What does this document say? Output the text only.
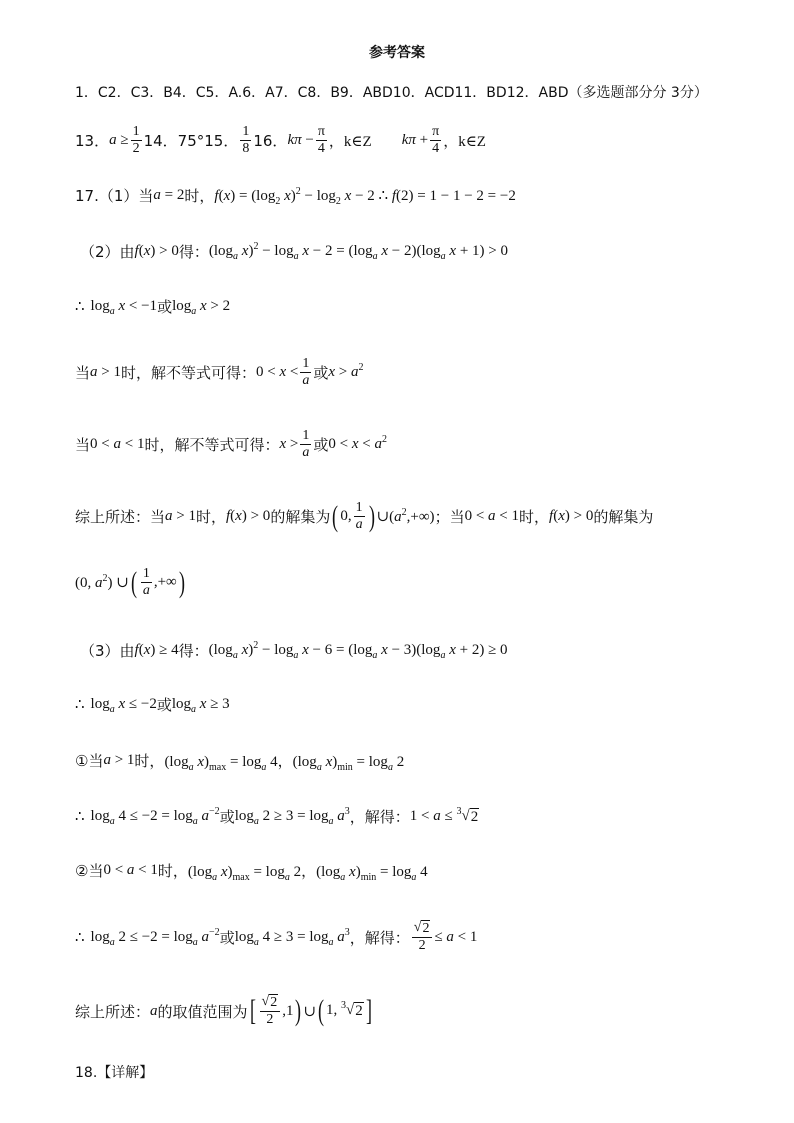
参考答案
1．C2．C3．B4．C5．A.6．A7．C8．B9．ABD10．ACD11．BD12．ABD（多选题部分分 3分）
13． $a \ge \frac{1}{2} 14$．75°15． $\frac{1}{8} 16$． $k\pi - \frac{\pi}{4}$ ，k∈Z $k\pi + \frac{\pi}{4}$ ，k∈Z
17.（1）当 a = 2 时， $f(x) = (\log_2$ $x)^2 - \log_2 x - 2$ ∴ f(2) = 1 − 1 − 2 = −2
（2）由 f(x) > 0 得： ($\log_a$ $x)^2 - \log_a x - 2 = (\log_a$ $x - 2)(\log_a$ x + 1) > 0
∴ $\log_a x < -1$ 或 $\log_a x > 2$
当 a > 1 时，解不等式可得： $0 < x < \frac{1}{a}$ 或 $x > a^2$
当 0 < a < 1 时，解不等式可得： $x > \frac{1}{a}$ 或 $0 < x < a^2$
综上所述：当 a > 1 时， f(x) > 0 的解集为 ( 0, $\frac{1}{a}$ ) $\cup(a^2,+\infty)$ ；当 0 < a < 1 时， f(x) > 0 的解集为
(0, $a^2$) ∪ ( $\frac{1}{a}$ ,+∞ )
（3）由 f(x) ≥ 4 得： ($\log_a$ $x)^2 - \log_a x - 6 = (\log_a$ $x - 3)(\log_a$ x + 2) ≥ 0
∴ $\log_a x \le -2$ 或 $\log_a x \ge 3$
①当 a > 1 时， ($\log_a$ $x)_{max} = \log_a 4$，($\log_a$ $x)_{min} = \log_a 2$
∴ $\log_a 4 \le -2 = \log_a a^{-2}$ 或 $\log_a 2 \ge 3 = \log_a a^3$ ，解得： 1 < a ≤ $^3$ √ 2
②当 0 < a < 1 时， ($\log_a$ $x)_{max} = \log_a 2$，($\log_a$ $x)_{min} = \log_a 4$
∴ $\log_a 2 \le -2 = \log_a a^{-2}$ 或 $\log_a 4 \ge 3 = \log_a a^3$ ，解得： $\frac{√ 2}{2} \le a < 1$
综上所述： a 的取值范围为 [ $\frac{√ 2}{2} ,1$ ) ∪ ( 1, $^3$ √ 2 ]
18.【详解】
